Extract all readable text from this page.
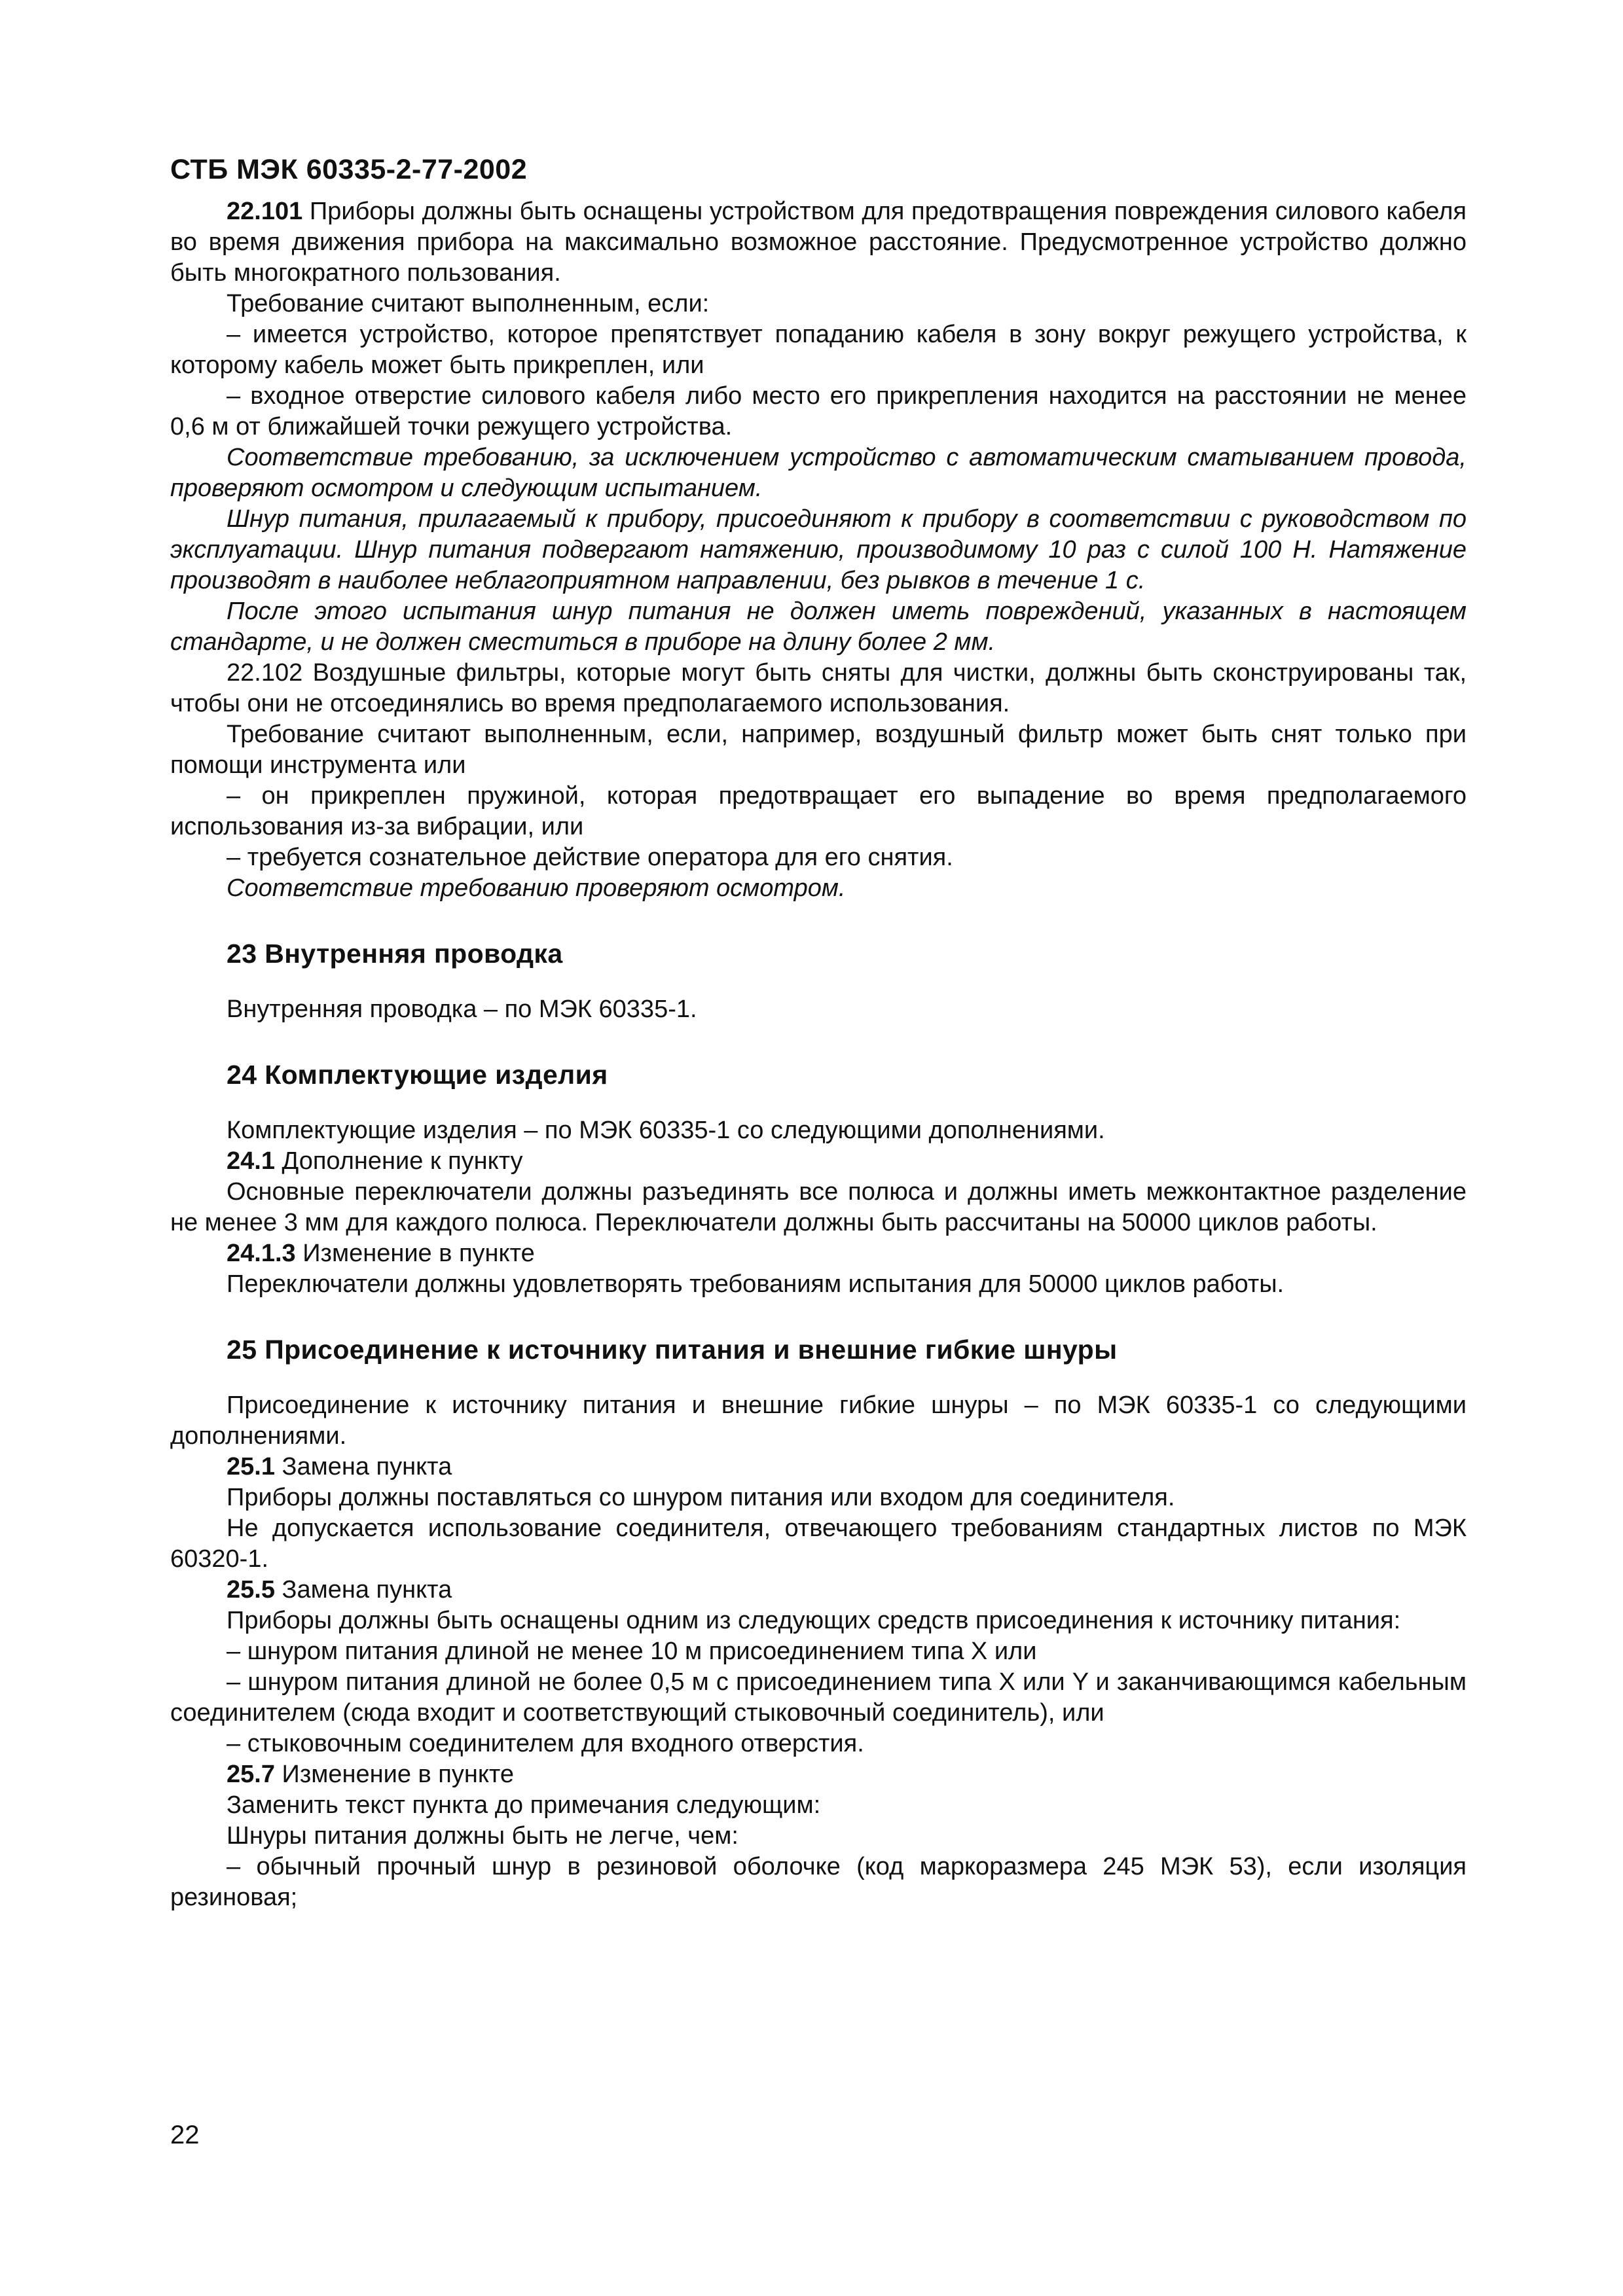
СТБ МЭК 60335-2-77-2002

22.101 Приборы должны быть оснащены устройством для предотвращения повреждения силового кабеля во время движения прибора на максимально возможное расстояние. Предусмотренное устройство должно быть многократного пользования.

Требование считают выполненным, если:

– имеется устройство, которое препятствует попаданию кабеля в зону вокруг режущего устройства, к которому кабель может быть прикреплен, или

– входное отверстие силового кабеля либо место его прикрепления находится на расстоянии не менее 0,6 м от ближайшей точки режущего устройства.

Соответствие требованию, за исключением устройство с автоматическим сматыванием провода, проверяют осмотром и следующим испытанием.

Шнур питания, прилагаемый к прибору, присоединяют к прибору в соответствии с руководством по эксплуатации. Шнур питания подвергают натяжению, производимому 10 раз с силой 100 Н. Натяжение производят в наиболее неблагоприятном направлении, без рывков в течение 1 с.

После этого испытания шнур питания не должен иметь повреждений, указанных в настоящем стандарте, и не должен сместиться в приборе на длину более 2 мм.

22.102 Воздушные фильтры, которые могут быть сняты для чистки, должны быть сконструированы так, чтобы они не отсоединялись во время предполагаемого использования.

Требование считают выполненным, если, например, воздушный фильтр может быть снят только при помощи инструмента или

– он прикреплен пружиной, которая предотвращает его выпадение во время предполагаемого использования из-за вибрации, или

– требуется сознательное действие оператора для его снятия.

Соответствие требованию проверяют осмотром.

23 Внутренняя проводка

Внутренняя проводка – по МЭК 60335-1.

24 Комплектующие изделия

Комплектующие изделия – по МЭК 60335-1 со следующими дополнениями.

24.1 Дополнение к пункту

Основные переключатели должны разъединять все полюса и должны иметь межконтактное разделение не менее 3 мм для каждого полюса. Переключатели должны быть рассчитаны на 50000 циклов работы.

24.1.3 Изменение в пункте

Переключатели должны удовлетворять требованиям испытания для 50000 циклов работы.

25 Присоединение к источнику питания и внешние гибкие шнуры

Присоединение к источнику питания и внешние гибкие шнуры – по МЭК 60335-1 со следующими дополнениями.

25.1 Замена пункта

Приборы должны поставляться со шнуром питания или входом для соединителя.

Не допускается использование соединителя, отвечающего требованиям стандартных листов по МЭК 60320-1.

25.5 Замена пункта

Приборы должны быть оснащены одним из следующих средств присоединения к источнику питания:

– шнуром питания длиной не менее 10 м присоединением типа X или

– шнуром питания длиной не более 0,5 м с присоединением типа X или Y и заканчивающимся кабельным соединителем (сюда входит и соответствующий стыковочный соединитель), или

– стыковочным соединителем для входного отверстия.

25.7 Изменение в пункте

Заменить текст пункта до примечания следующим:

Шнуры питания должны быть не легче, чем:

– обычный прочный шнур в резиновой оболочке (код маркоразмера 245 МЭК 53), если изоляция резиновая;

22
